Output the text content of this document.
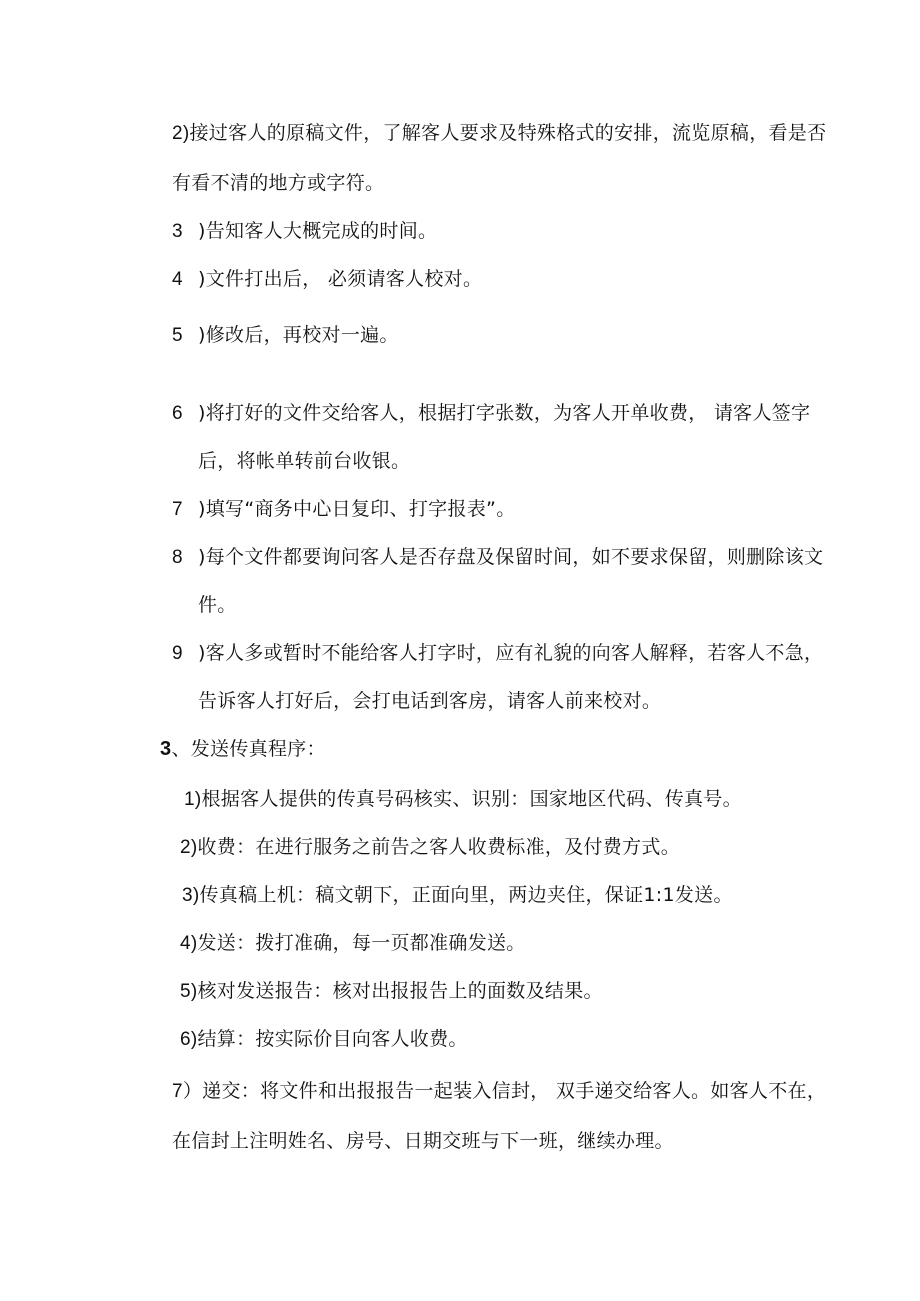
2)接过客人的原稿文件，了解客人要求及特殊格式的安排，流览原稿，看是否
有看不清的地方或字符。
3 )告知客人大概完成的时间。
4 )文件打出后， 必须请客人校对。
5 )修改后，再校对一遍。
6 )将打好的文件交给客人，根据打字张数，为客人开单收费， 请客人签字
后，将帐单转前台收银。
7 )填写“商务中心日复印、打字报表”。
8 )每个文件都要询问客人是否存盘及保留时间，如不要求保留，则删除该文
件。
9 )客人多或暂时不能给客人打字时，应有礼貌的向客人解释，若客人不急，
告诉客人打好后，会打电话到客房，请客人前来校对。
3、发送传真程序：
1)根据客人提供的传真号码核实、识别：国家地区代码、传真号。
2)收费：在进行服务之前告之客人收费标准，及付费方式。
3)传真稿上机：稿文朝下，正面向里，两边夹住，保证1:1发送。
4)发送：拨打准确，每一页都准确发送。
5)核对发送报告：核对出报报告上的面数及结果。
6)结算：按实际价目向客人收费。
7）递交：将文件和出报报告一起装入信封， 双手递交给客人。如客人不在，
在信封上注明姓名、房号、日期交班与下一班，继续办理。
